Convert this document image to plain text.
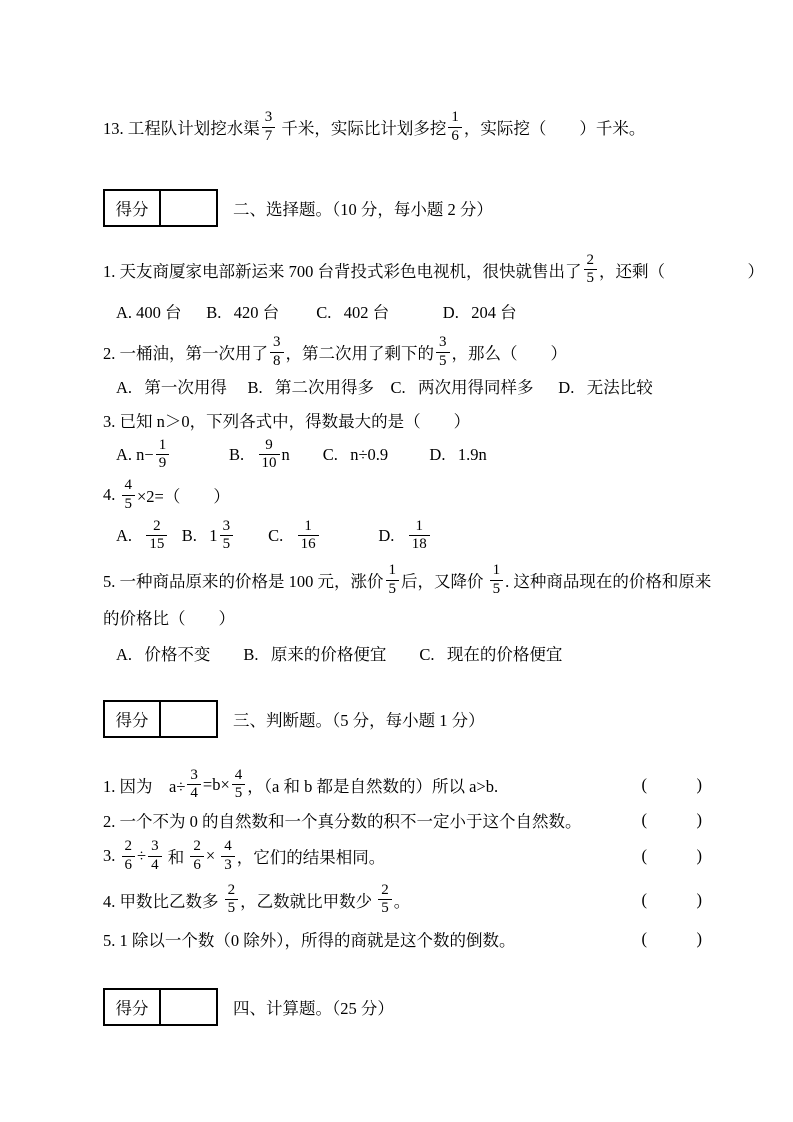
13. 工程队计划挖水渠 $\frac{3}{7}$ 千米，实际比计划多挖 $\frac{1}{6}$ ，实际挖（　　）千米。
得分	二、选择题。（10 分，每小题 2 分）
1. 天友商厦家电部新运来 700 台背投式彩色电视机，很快就售出了 $\frac{2}{5}$ ，还剩（　　　　　）
A. 400 台      B.   420 台         C.   402 台             D.   204 台
2. 一桶油，第一次用了 $\frac{3}{8}$ ，第二次用了剩下的 $\frac{3}{5}$ ，那么（　　）
A.   第一次用得     B.   第二次用得多    C.   两次用得同样多      D.   无法比较
3. 已知 n＞0，下列各式中，得数最大的是（　　）
A. $n- \frac{1}{9} B$. $\frac{9}{10}$ n        C.   n÷0.9          D.   1.9n
4. $\frac{4}{5} \times 2=$（　　）
A. $\frac{2}{15} B$.   $1 \frac{3}{5} C$. $\frac{1}{16} D$. $\frac{1}{18}$
5. 一种商品原来的价格是 100 元，涨价 $\frac{1}{5}$ 后，又降价 $\frac{1}{5}$ . 这种商品现在的价格和原来
的价格比（　　）
A.   价格不变        B.   原来的价格便宜        C.   现在的价格便宜
得分	三、判断题。（5 分，每小题 1 分）
1. 因为　$a\div \frac{3}{4} =b\times \frac{4}{5}$ ，（a 和 b 都是自然数的）所以 a>b.	(            )
2. 一个不为 0 的自然数和一个真分数的积不一定小于这个自然数。	(            )
3. $\frac{2}{6} \div \frac{3}{4}$ 和 $\frac{2}{6} \times \frac{4}{3}$ ，它们的结果相同。	(            )
4. 甲数比乙数多 $\frac{2}{5}$ ，乙数就比甲数少 $\frac{2}{5}$ 。	(            )
5. 1 除以一个数（0 除外），所得的商就是这个数的倒数。	(            )
得分	四、计算题。（25 分）
